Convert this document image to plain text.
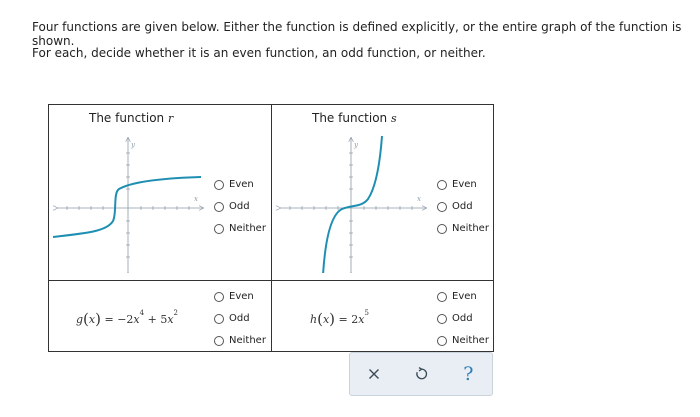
Four functions are given below. Either the function is defined explicitly, or the entire graph of the function is shown.
For each, decide whether it is an even function, an odd function, or neither.
The function r
y
x
Even
Odd
Neither
The function s
y
x
Even
Odd
Neither
$g(x) = -2x^4 + 5x^2$
Even
Odd
Neither
$h(x) = 2x^5$
Even
Odd
Neither
?
